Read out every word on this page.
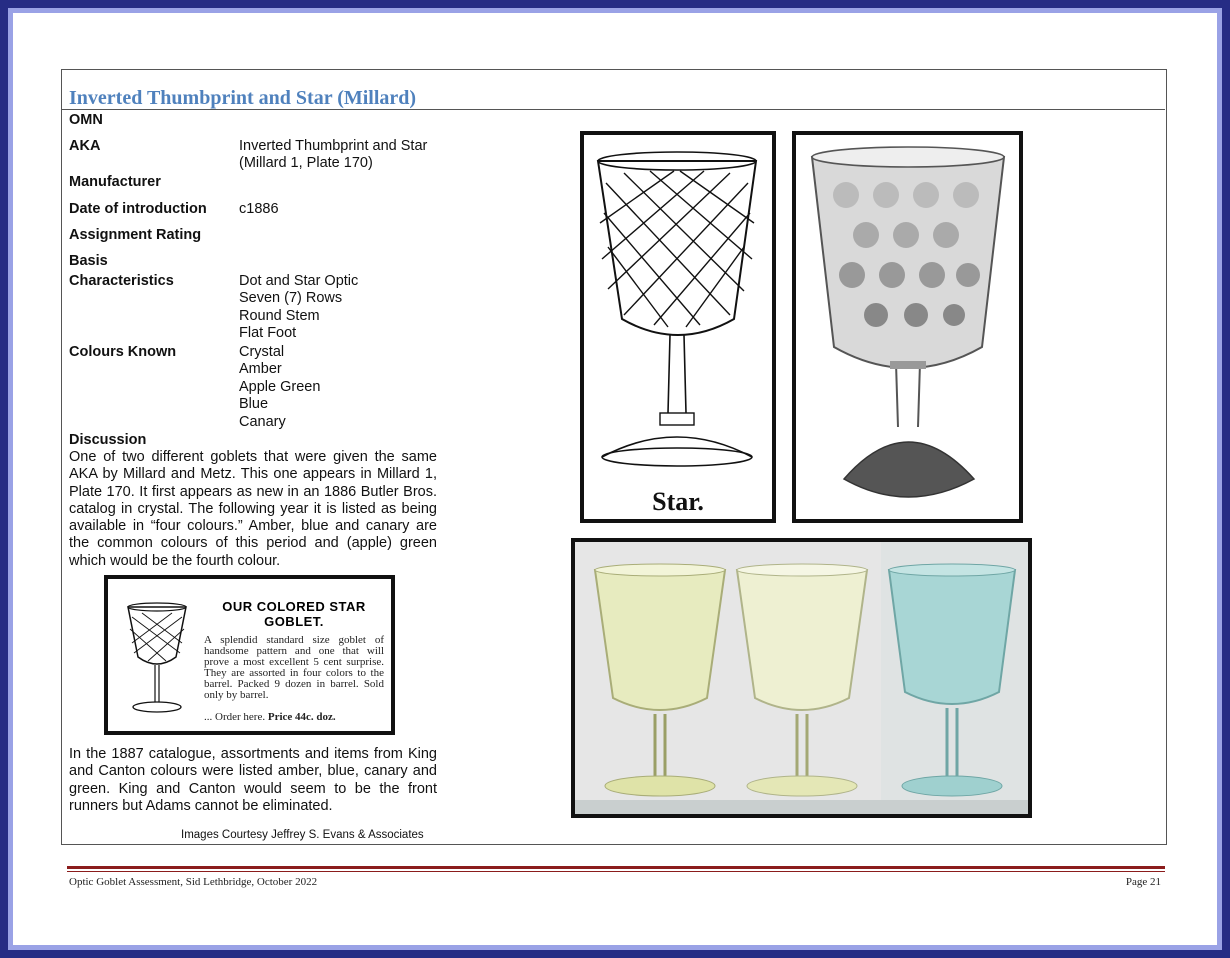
Inverted Thumbprint and Star (Millard)
OMN
AKA	Inverted Thumbprint and Star
(Millard 1, Plate 170)
Manufacturer
Date of introduction c1886
Assignment Rating
Basis
Characteristics	Dot and Star Optic
Seven (7) Rows
Round Stem
Flat Foot
Colours Known	Crystal
Amber
Apple Green
Blue
Canary
Discussion
One of two different goblets that were given the same AKA by Millard and Metz. This one appears in Millard 1, Plate 170. It first appears as new in an 1886 Butler Bros. catalog in crystal. The following year it is listed as being available in “four colours.” Amber, blue and canary are the common colours of this period and (apple) green which would be the fourth colour.
OUR COLORED STAR
GOBLET.
A splendid standard size goblet of handsome pattern and one that will prove a most excellent 5 cent surprise. They are assorted in four colors to the barrel. Packed 9 dozen in barrel. Sold only by barrel.
... Order here. Price 44c. doz.
In the 1887 catalogue, assortments and items from King and Canton colours were listed amber, blue, canary and green. King and Canton would seem to be the front runners but Adams cannot be eliminated.
Images Courtesy Jeffrey S. Evans & Associates
Star.
Optic Goblet Assessment, Sid Lethbridge, October 2022	Page 21
